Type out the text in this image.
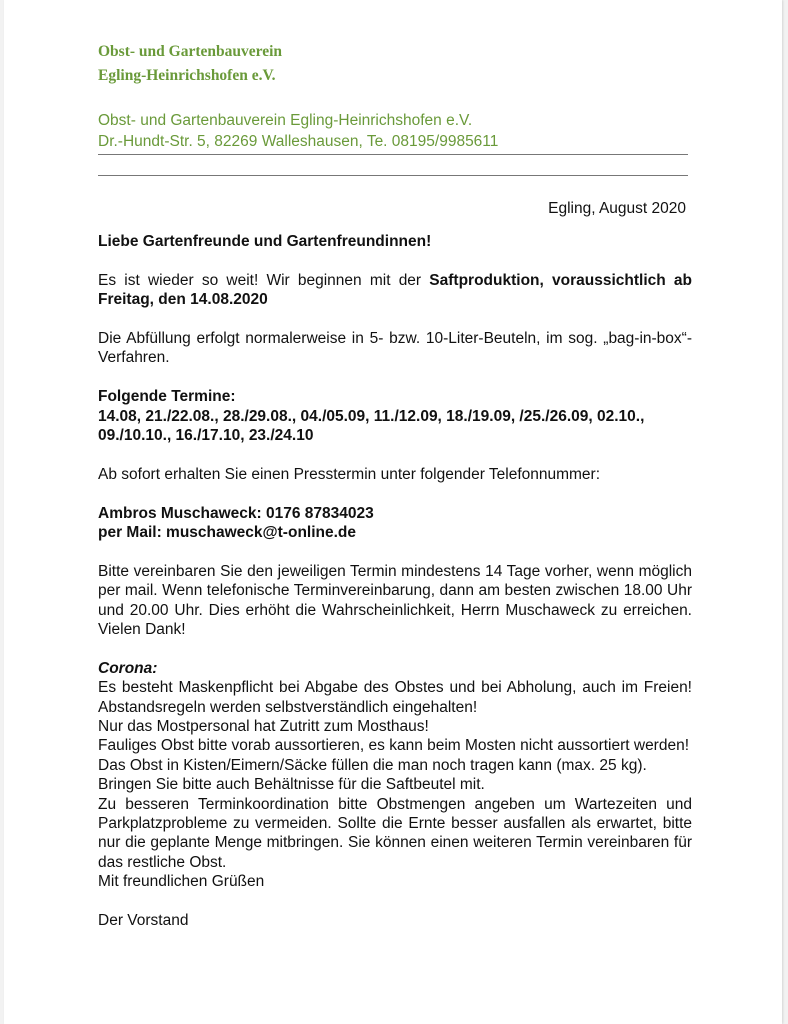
Obst- und Gartenbauverein
Egling-Heinrichshofen e.V.
Obst- und Gartenbauverein Egling-Heinrichshofen e.V.
Dr.-Hundt-Str. 5, 82269 Walleshausen, Te. 08195/9985611
Egling, August 2020

Liebe Gartenfreunde und Gartenfreundinnen!

Es ist wieder so weit! Wir beginnen mit der Saftproduktion, voraussichtlich ab Freitag, den 14.08.2020

Die Abfüllung erfolgt normalerweise in 5- bzw. 10-Liter-Beuteln, im sog. „bag-in-box“-Verfahren.

Folgende Termine:

14.08, 21./22.08., 28./29.08., 04./05.09, 11./12.09, 18./19.09, /25./26.09, 02.10., 09./10.10., 16./17.10, 23./24.10

Ab sofort erhalten Sie einen Presstermin unter folgender Telefonnummer:

Ambros Muschaweck: 0176 87834023

per Mail: muschaweck@t-online.de

Bitte vereinbaren Sie den jeweiligen Termin mindestens 14 Tage vorher, wenn möglich per mail. Wenn telefonische Terminvereinbarung, dann am besten zwischen 18.00 Uhr und 20.00 Uhr. Dies erhöht die Wahrscheinlichkeit, Herrn Muschaweck zu erreichen. Vielen Dank!

Corona:

Es besteht Maskenpflicht bei Abgabe des Obstes und bei Abholung, auch im Freien! Abstandsregeln werden selbstverständlich eingehalten!

Nur das Mostpersonal hat Zutritt zum Mosthaus!

Fauliges Obst bitte vorab aussortieren, es kann beim Mosten nicht aussortiert werden!

Das Obst in Kisten/Eimern/Säcke füllen die man noch tragen kann (max. 25 kg).

Bringen Sie bitte auch Behältnisse für die Saftbeutel mit.

Zu besseren Terminkoordination bitte Obstmengen angeben um Wartezeiten und Parkplatzprobleme zu vermeiden. Sollte die Ernte besser ausfallen als erwartet, bitte nur die geplante Menge mitbringen. Sie können einen weiteren Termin vereinbaren für das restliche Obst.

Mit freundlichen Grüßen

Der Vorstand
